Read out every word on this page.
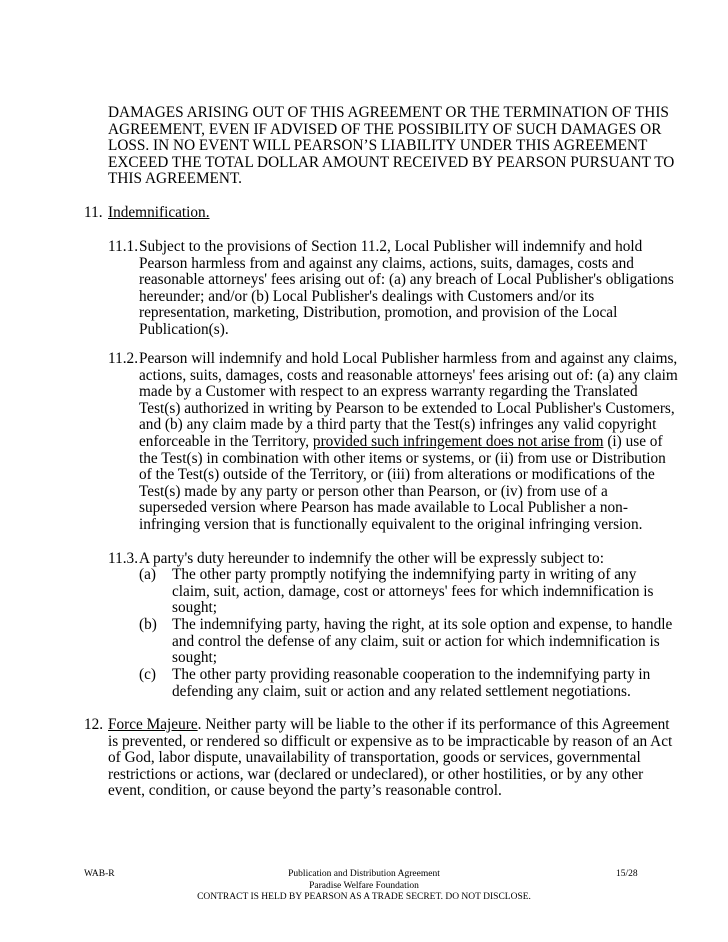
DAMAGES ARISING OUT OF THIS AGREEMENT OR THE TERMINATION OF THIS
AGREEMENT, EVEN IF ADVISED OF THE POSSIBILITY OF SUCH DAMAGES OR
LOSS. IN NO EVENT WILL PEARSON’S LIABILITY UNDER THIS AGREEMENT
EXCEED THE TOTAL DOLLAR AMOUNT RECEIVED BY PEARSON PURSUANT TO
THIS AGREEMENT.
11. Indemnification.
11.1. Subject to the provisions of Section 11.2, Local Publisher will indemnify and hold
Pearson harmless from and against any claims, actions, suits, damages, costs and
reasonable attorneys' fees arising out of: (a) any breach of Local Publisher's obligations
hereunder; and/or (b) Local Publisher's dealings with Customers and/or its
representation, marketing, Distribution, promotion, and provision of the Local
Publication(s).
11.2. Pearson will indemnify and hold Local Publisher harmless from and against any claims,
actions, suits, damages, costs and reasonable attorneys' fees arising out of: (a) any claim
made by a Customer with respect to an express warranty regarding the Translated
Test(s) authorized in writing by Pearson to be extended to Local Publisher's Customers,
and (b) any claim made by a third party that the Test(s) infringes any valid copyright
enforceable in the Territory, provided such infringement does not arise from (i) use of
the Test(s) in combination with other items or systems, or (ii) from use or Distribution
of the Test(s) outside of the Territory, or (iii) from alterations or modifications of the
Test(s) made by any party or person other than Pearson, or (iv) from use of a
superseded version where Pearson has made available to Local Publisher a non-
infringing version that is functionally equivalent to the original infringing version.
11.3. A party's duty hereunder to indemnify the other will be expressly subject to:
(a) The other party promptly notifying the indemnifying party in writing of any
claim, suit, action, damage, cost or attorneys' fees for which indemnification is
sought;
(b) The indemnifying party, having the right, at its sole option and expense, to handle
and control the defense of any claim, suit or action for which indemnification is
sought;
(c) The other party providing reasonable cooperation to the indemnifying party in
defending any claim, suit or action and any related settlement negotiations.
12. Force Majeure. Neither party will be liable to the other if its performance of this Agreement
is prevented, or rendered so difficult or expensive as to be impracticable by reason of an Act
of God, labor dispute, unavailability of transportation, goods or services, governmental
restrictions or actions, war (declared or undeclared), or other hostilities, or by any other
event, condition, or cause beyond the party’s reasonable control.
WAB-R	Publication and Distribution Agreement	15/28
Paradise Welfare Foundation
CONTRACT IS HELD BY PEARSON AS A TRADE SECRET. DO NOT DISCLOSE.
